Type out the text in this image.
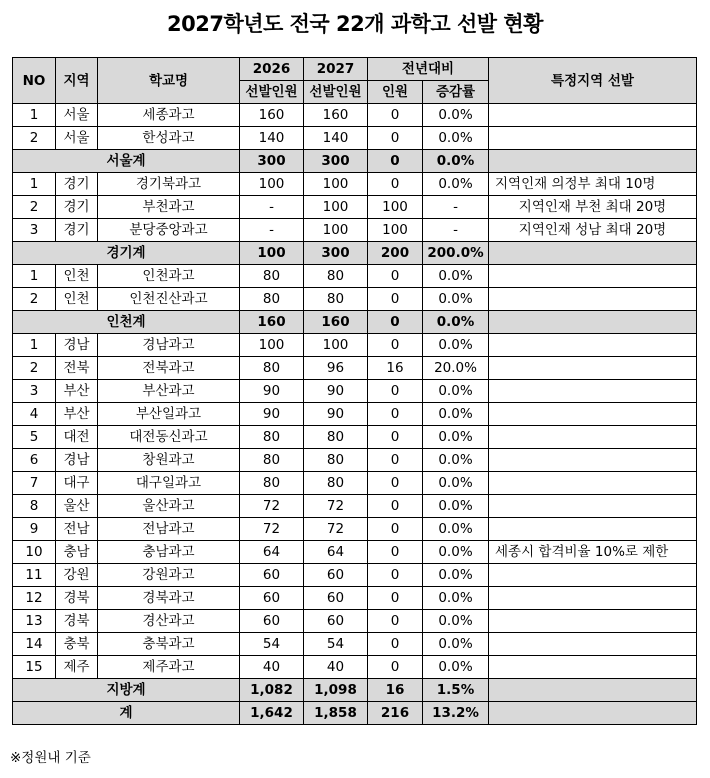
2027학년도 전국 22개 과학고 선발 현황
NO	지역	학교명	2026	2027	전년대비		특정지역 선발
			선발인원	선발인원	인원	증감률	
1	서울	세종과고	160	160	0	0.0%	
2	서울	한성과고	140	140	0	0.0%	
서울계			300	300	0	0.0%	
1	경기	경기북과고	100	100	0	0.0%	지역인재 의정부 최대 10명
2	경기	부천과고	-	100	100	-	지역인재 부천 최대 20명
3	경기	분당중앙과고	-	100	100	-	지역인재 성남 최대 20명
경기계			100	300	200	200.0%	
1	인천	인천과고	80	80	0	0.0%	
2	인천	인천진산과고	80	80	0	0.0%	
인천계			160	160	0	0.0%	
1	경남	경남과고	100	100	0	0.0%	
2	전북	전북과고	80	96	16	20.0%	
3	부산	부산과고	90	90	0	0.0%	
4	부산	부산일과고	90	90	0	0.0%	
5	대전	대전동신과고	80	80	0	0.0%	
6	경남	창원과고	80	80	0	0.0%	
7	대구	대구일과고	80	80	0	0.0%	
8	울산	울산과고	72	72	0	0.0%	
9	전남	전남과고	72	72	0	0.0%	
10	충남	충남과고	64	64	0	0.0%	세종시 합격비율 10%로 제한
11	강원	강원과고	60	60	0	0.0%	
12	경북	경북과고	60	60	0	0.0%	
13	경북	경산과고	60	60	0	0.0%	
14	충북	충북과고	54	54	0	0.0%	
15	제주	제주과고	40	40	0	0.0%	
지방계			1,082	1,098	16	1.5%	
계			1,642	1,858	216	13.2%	
※정원내 기준
